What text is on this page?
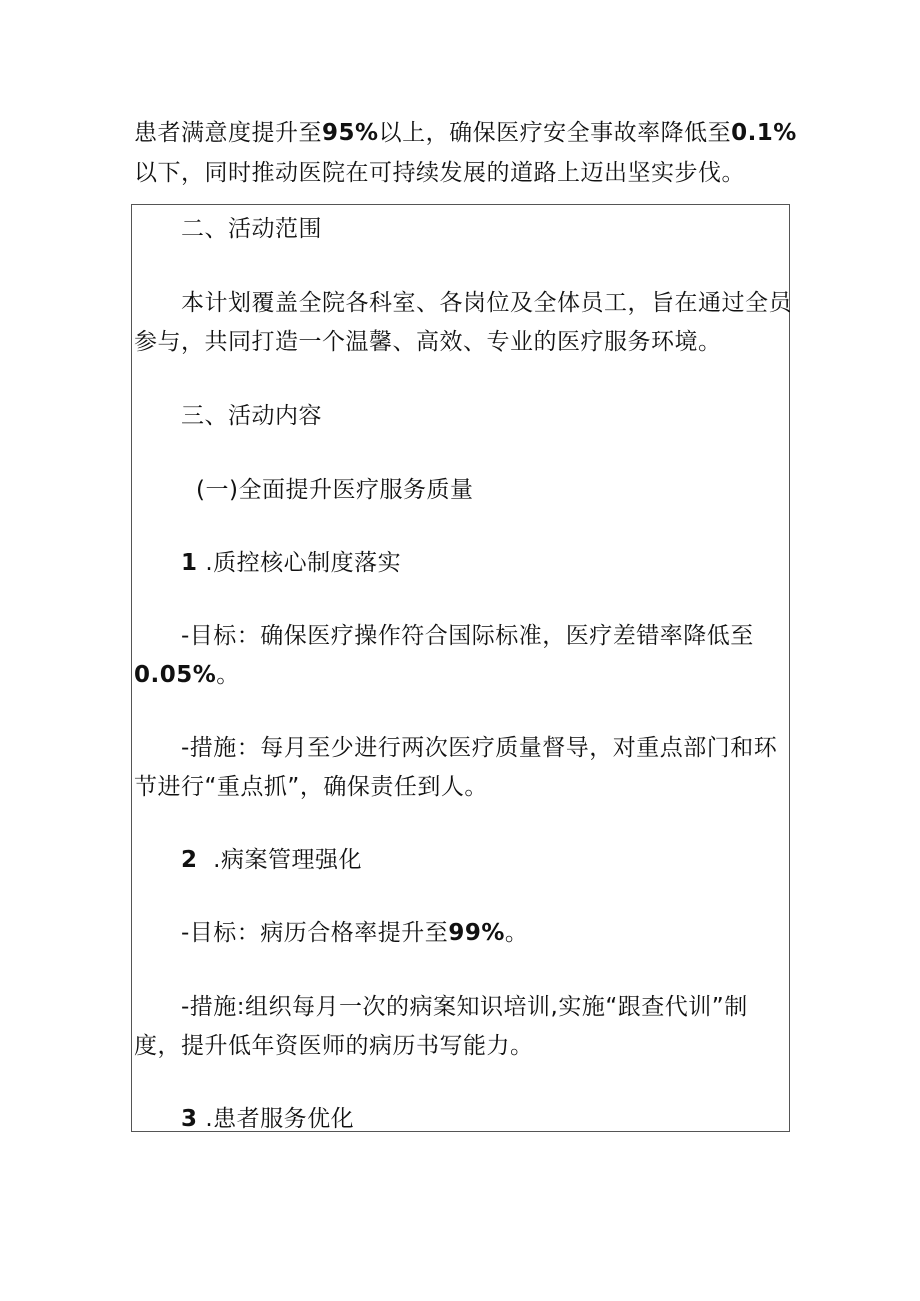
患者满意度提升至95%以上，确保医疗安全事故率降低至0.1%
以下，同时推动医院在可持续发展的道路上迈出坚实步伐。
二、活动范围
本计划覆盖全院各科室、各岗位及全体员工，旨在通过全员
参与，共同打造一个温馨、高效、专业的医疗服务环境。
三、活动内容
(一)全面提升医疗服务质量
1 .质控核心制度落实
-目标：确保医疗操作符合国际标准，医疗差错率降低至
0.05%。
-措施：每月至少进行两次医疗质量督导，对重点部门和环
节进行“重点抓”，确保责任到人。
2 .病案管理强化
-目标：病历合格率提升至99%。
-措施:组织每月一次的病案知识培训,实施“跟查代训”制
度，提升低年资医师的病历书写能力。
3 .患者服务优化
